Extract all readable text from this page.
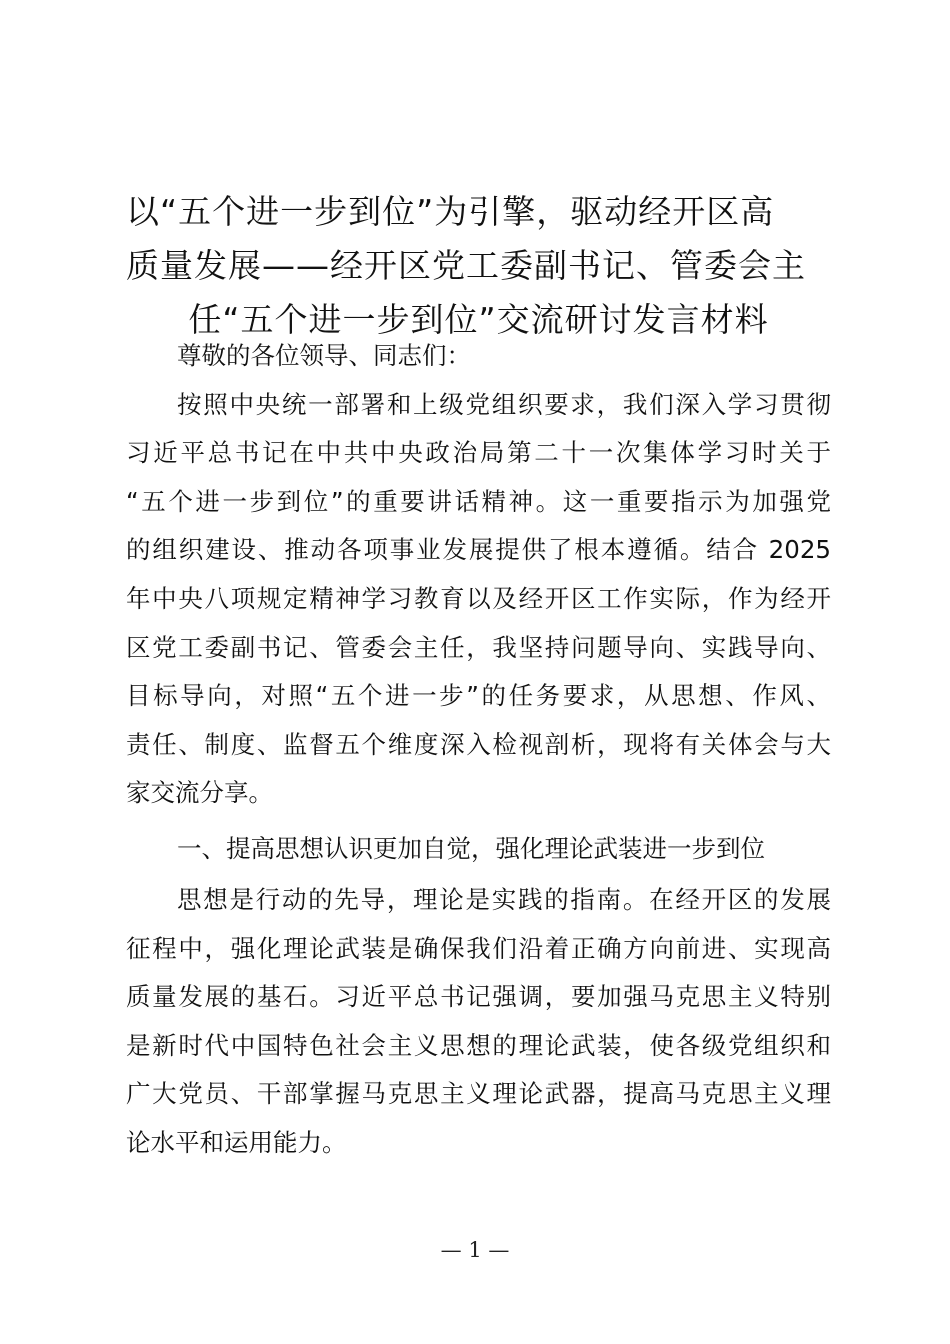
以“五个进一步到位”为引擎，驱动经开区高
质量发展——经开区党工委副书记、管委会主
任“五个进一步到位”交流研讨发言材料
尊敬的各位领导、同志们：
按照中央统一部署和上级党组织要求，我们深入学习贯彻
习近平总书记在中共中央政治局第二十一次集体学习时关于
“五个进一步到位”的重要讲话精神。这一重要指示为加强党
的组织建设、推动各项事业发展提供了根本遵循。结合 2025
年中央八项规定精神学习教育以及经开区工作实际，作为经开
区党工委副书记、管委会主任，我坚持问题导向、实践导向、
目标导向，对照“五个进一步”的任务要求，从思想、作风、
责任、制度、监督五个维度深入检视剖析，现将有关体会与大
家交流分享。
一、提高思想认识更加自觉，强化理论武装进一步到位
思想是行动的先导，理论是实践的指南。在经开区的发展
征程中，强化理论武装是确保我们沿着正确方向前进、实现高
质量发展的基石。习近平总书记强调，要加强马克思主义特别
是新时代中国特色社会主义思想的理论武装，使各级党组织和
广大党员、干部掌握马克思主义理论武器，提高马克思主义理
论水平和运用能力。
— 1 —
